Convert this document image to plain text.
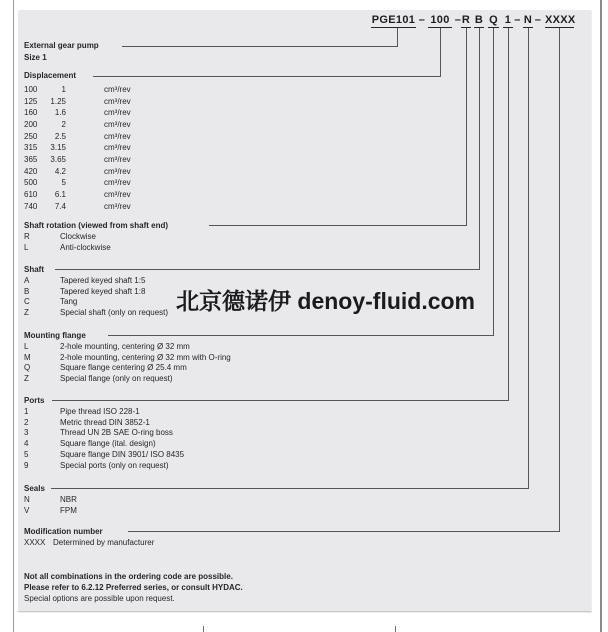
PGE101 – 100 – R B Q 1 – N – XXXX
External gear pump
Size 1
Displacement
100	1	cm³/rev
125 1.25	cm³/rev
160 1.6	cm³/rev
200	2	cm³/rev
250 2.5	cm³/rev
315 3.15	cm³/rev
365 3.65	cm³/rev
420 4.2	cm³/rev
500	5	cm³/rev
610 6.1	cm³/rev
740 7.4	cm³/rev
Shaft rotation (viewed from shaft end)
R	Clockwise
L	Anti-clockwise
Shaft
A	Tapered keyed shaft 1:5
B	Tapered keyed shaft 1:8
C	Tang
Z	Special shaft (only on request)
Mounting flange
L	2-hole mounting, centering Ø 32 mm
M	2-hole mounting, centering Ø 32 mm with O-ring
Q	Square flange centering Ø 25.4 mm
Z	Special flange (only on request)
Ports
1	Pipe thread ISO 228-1
2	Metric thread DIN 3852-1
3	Thread UN 2B SAE O-ring boss
4	Square flange (ital. design)
5	Square flange DIN 3901/ ISO 8435
9	Special ports (only on request)
Seals
N	NBR
V	FPM
Modification number
XXXX Determined by manufacturer
北京德诺伊 denoy-fluid.com
Not all combinations in the ordering code are possible.
Please refer to 6.2.12 Preferred series, or consult HYDAC.
Special options are possible upon request.
